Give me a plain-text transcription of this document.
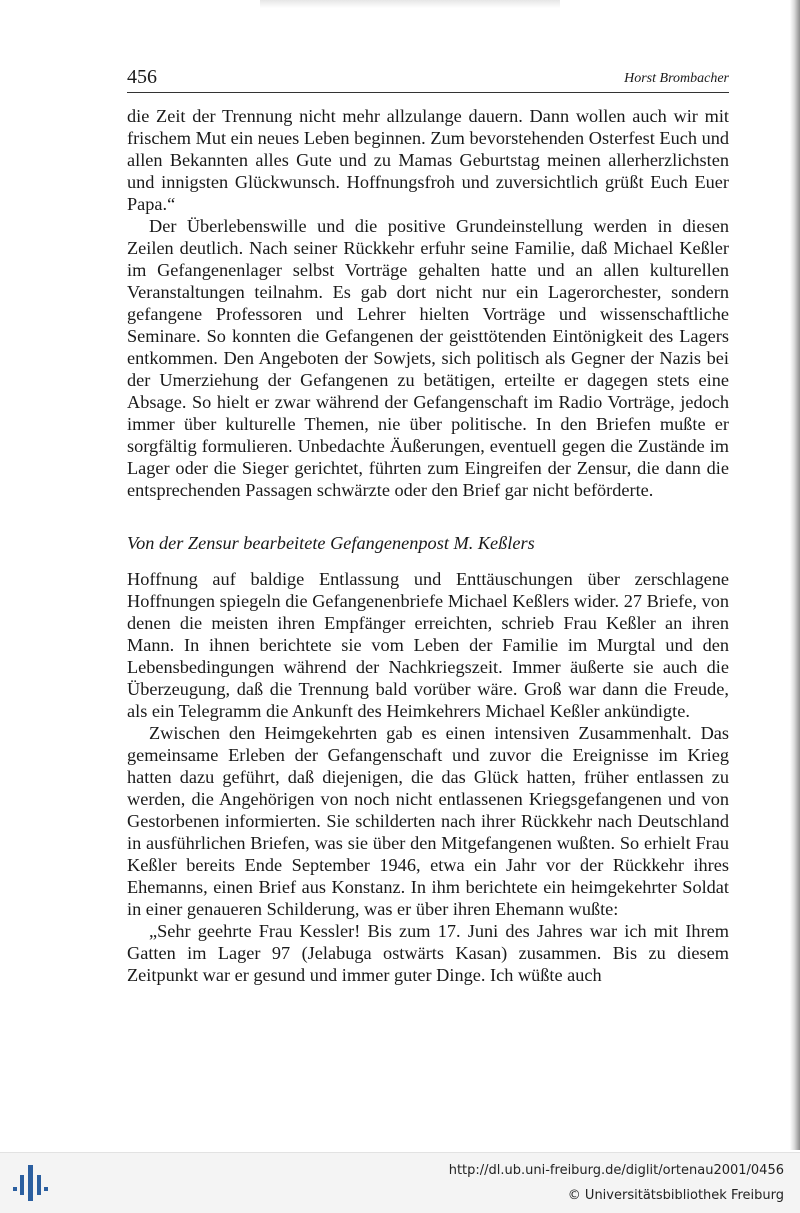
456	Horst Brombacher

die Zeit der Trennung nicht mehr allzulange dauern. Dann wollen auch wir mit frischem Mut ein neues Leben beginnen. Zum bevorstehenden Osterfest Euch und allen Bekannten alles Gute und zu Mamas Geburtstag meinen allerherzlichsten und innigsten Glückwunsch. Hoffnungsfroh und zuversichtlich grüßt Euch Euer Papa.“

Der Überlebenswille und die positive Grundeinstellung werden in diesen Zeilen deutlich. Nach seiner Rückkehr erfuhr seine Familie, daß Michael Keßler im Gefangenenlager selbst Vorträge gehalten hatte und an allen kulturellen Veranstaltungen teilnahm. Es gab dort nicht nur ein Lagerorchester, sondern gefangene Professoren und Lehrer hielten Vorträge und wissenschaftliche Seminare. So konnten die Gefangenen der geisttötenden Eintönigkeit des Lagers entkommen. Den Angeboten der Sowjets, sich politisch als Gegner der Nazis bei der Umerziehung der Gefangenen zu betätigen, erteilte er dagegen stets eine Absage. So hielt er zwar während der Gefangenschaft im Radio Vorträge, jedoch immer über kulturelle Themen, nie über politische. In den Briefen mußte er sorgfältig formulieren. Unbedachte Äußerungen, eventuell gegen die Zustände im Lager oder die Sieger gerichtet, führten zum Eingreifen der Zensur, die dann die entsprechenden Passagen schwärzte oder den Brief gar nicht beförderte.

Von der Zensur bearbeitete Gefangenenpost M. Keßlers

Hoffnung auf baldige Entlassung und Enttäuschungen über zerschlagene Hoffnungen spiegeln die Gefangenenbriefe Michael Keßlers wider. 27 Briefe, von denen die meisten ihren Empfänger erreichten, schrieb Frau Keßler an ihren Mann. In ihnen berichtete sie vom Leben der Familie im Murgtal und den Lebensbedingungen während der Nachkriegszeit. Immer äußerte sie auch die Überzeugung, daß die Trennung bald vorüber wäre. Groß war dann die Freude, als ein Telegramm die Ankunft des Heimkehrers Michael Keßler ankündigte.

Zwischen den Heimgekehrten gab es einen intensiven Zusammenhalt. Das gemeinsame Erleben der Gefangenschaft und zuvor die Ereignisse im Krieg hatten dazu geführt, daß diejenigen, die das Glück hatten, früher entlassen zu werden, die Angehörigen von noch nicht entlassenen Kriegsgefangenen und von Gestorbenen informierten. Sie schilderten nach ihrer Rückkehr nach Deutschland in ausführlichen Briefen, was sie über den Mitgefangenen wußten. So erhielt Frau Keßler bereits Ende September 1946, etwa ein Jahr vor der Rückkehr ihres Ehemanns, einen Brief aus Konstanz. In ihm berichtete ein heimgekehrter Soldat in einer genaueren Schilderung, was er über ihren Ehemann wußte:

„Sehr geehrte Frau Kessler! Bis zum 17. Juni des Jahres war ich mit Ihrem Gatten im Lager 97 (Jelabuga ostwärts Kasan) zusammen. Bis zu diesem Zeitpunkt war er gesund und immer guter Dinge. Ich wüßte auch

http://dl.ub.uni-freiburg.de/diglit/ortenau2001/0456
© Universitätsbibliothek Freiburg
